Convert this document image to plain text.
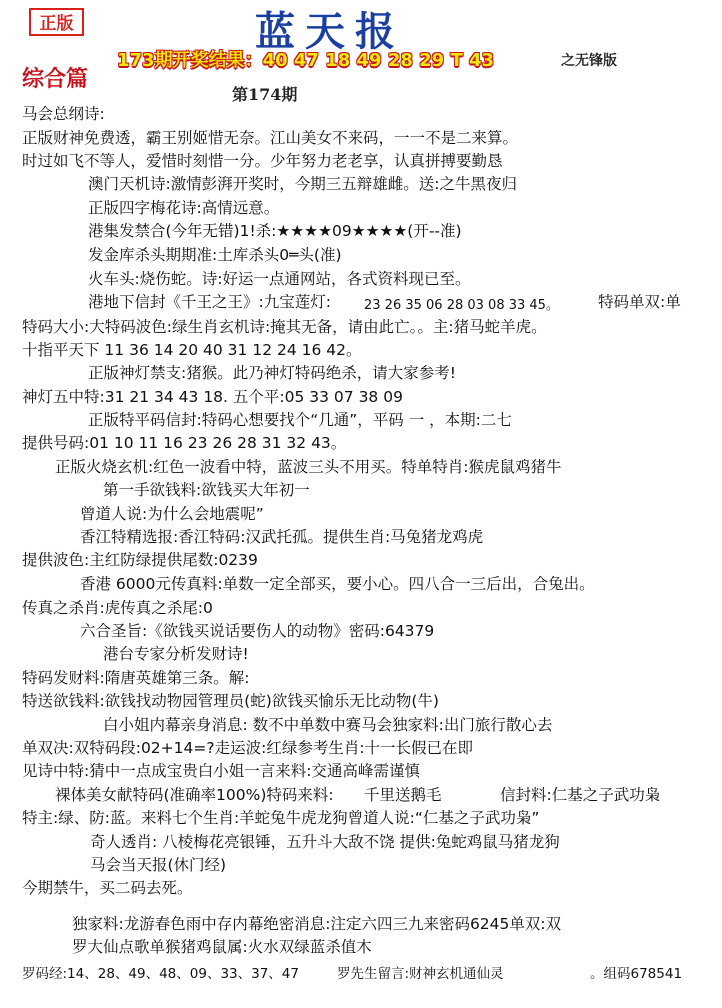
正版	蓝天报
173期开奖结果：40 47 18 49 28 29 T 43	之无锋版
综合篇
第174期
马会总纲诗:
正版财神免费透，霸王别姬惜无奈。江山美女不来码，一一不是二来算。
时过如飞不等人，爱惜时刻惜一分。少年努力老老享，认真拼搏要勤恳
澳门天机诗:激情彭湃开奖时，今期三五辩雄雌。送:之牛黑夜归
正版四字梅花诗:高情远意。
港集发禁合(今年无错)1!杀:★★★★09★★★★(开--准)
发金库杀头期期准:土库杀头0═头(准)
火车头:烧伤蛇。诗:好运一点通网站，各式资料现已至。
港地下信封《千王之王》:九宝莲灯:	23 26 35 06 28 03 08 33 45。	特码单双:单
特码大小:大特码波色:绿生肖玄机诗:掩其无备，请由此亡。。主:猪马蛇羊虎。
十指平天下 11 36 14 20 40 31 12 24 16 42。
正版神灯禁支:猪猴。此乃神灯特码绝杀，请大家参考!
神灯五中特:31 21 34 43 18. 五个平:05 33 07 38 09
正版特平码信封:特码心想要找个“几通”，平码 一 ，本期:二七
提供号码:01 10 11 16 23 26 28 31 32 43。
正版火烧玄机:红色一波看中特，蓝波三头不用买。特单特肖:猴虎鼠鸡猪牛
第一手欲钱料:欲钱买大年初一
曾道人说:为什么会地震呢”
香江特精选报:香江特码:汉武托孤。提供生肖:马兔猪龙鸡虎
提供波色:主红防绿提供尾数:0239
香港 6000元传真料:单数一定全部买，要小心。四八合一三后出，合兔出。
传真之杀肖:虎传真之杀尾:0
六合圣旨:《欲钱买说话要伤人的动物》密码:64379
港台专家分析发财诗!
特码发财料:隋唐英雄第三条。解:
特送欲钱料:欲钱找动物园管理员(蛇)欲钱买愉乐无比动物(牛)
白小姐内幕亲身消息: 数不中单数中赛马会独家料:出门旅行散心去
单双决:双特码段:02+14=?走运波:红绿参考生肖:十一长假已在即
见诗中特:猜中一点成宝贵白小姐一言来料:交通高峰需谨慎
裸体美女献特码(准确率100%)特码来料: 千里送鹅毛	信封料:仁基之子武功枭
特主:绿、防:蓝。来料七个生肖:羊蛇兔牛虎龙狗曾道人说:“仁基之子武功枭”
奇人透肖: 八棱梅花亮银锤，五升斗大敌不饶 提供:兔蛇鸡鼠马猪龙狗
马会当天报(休门经)
今期禁牛，买二码去死。
独家料:龙游春色雨中存内幕绝密消息:注定六四三九来密码6245单双:双
罗大仙点歌单猴猪鸡鼠属:火水双绿蓝杀值木
罗码经:14、28、49、48、09、33、37、47	罗先生留言:财神玄机通仙灵	。组码678541
